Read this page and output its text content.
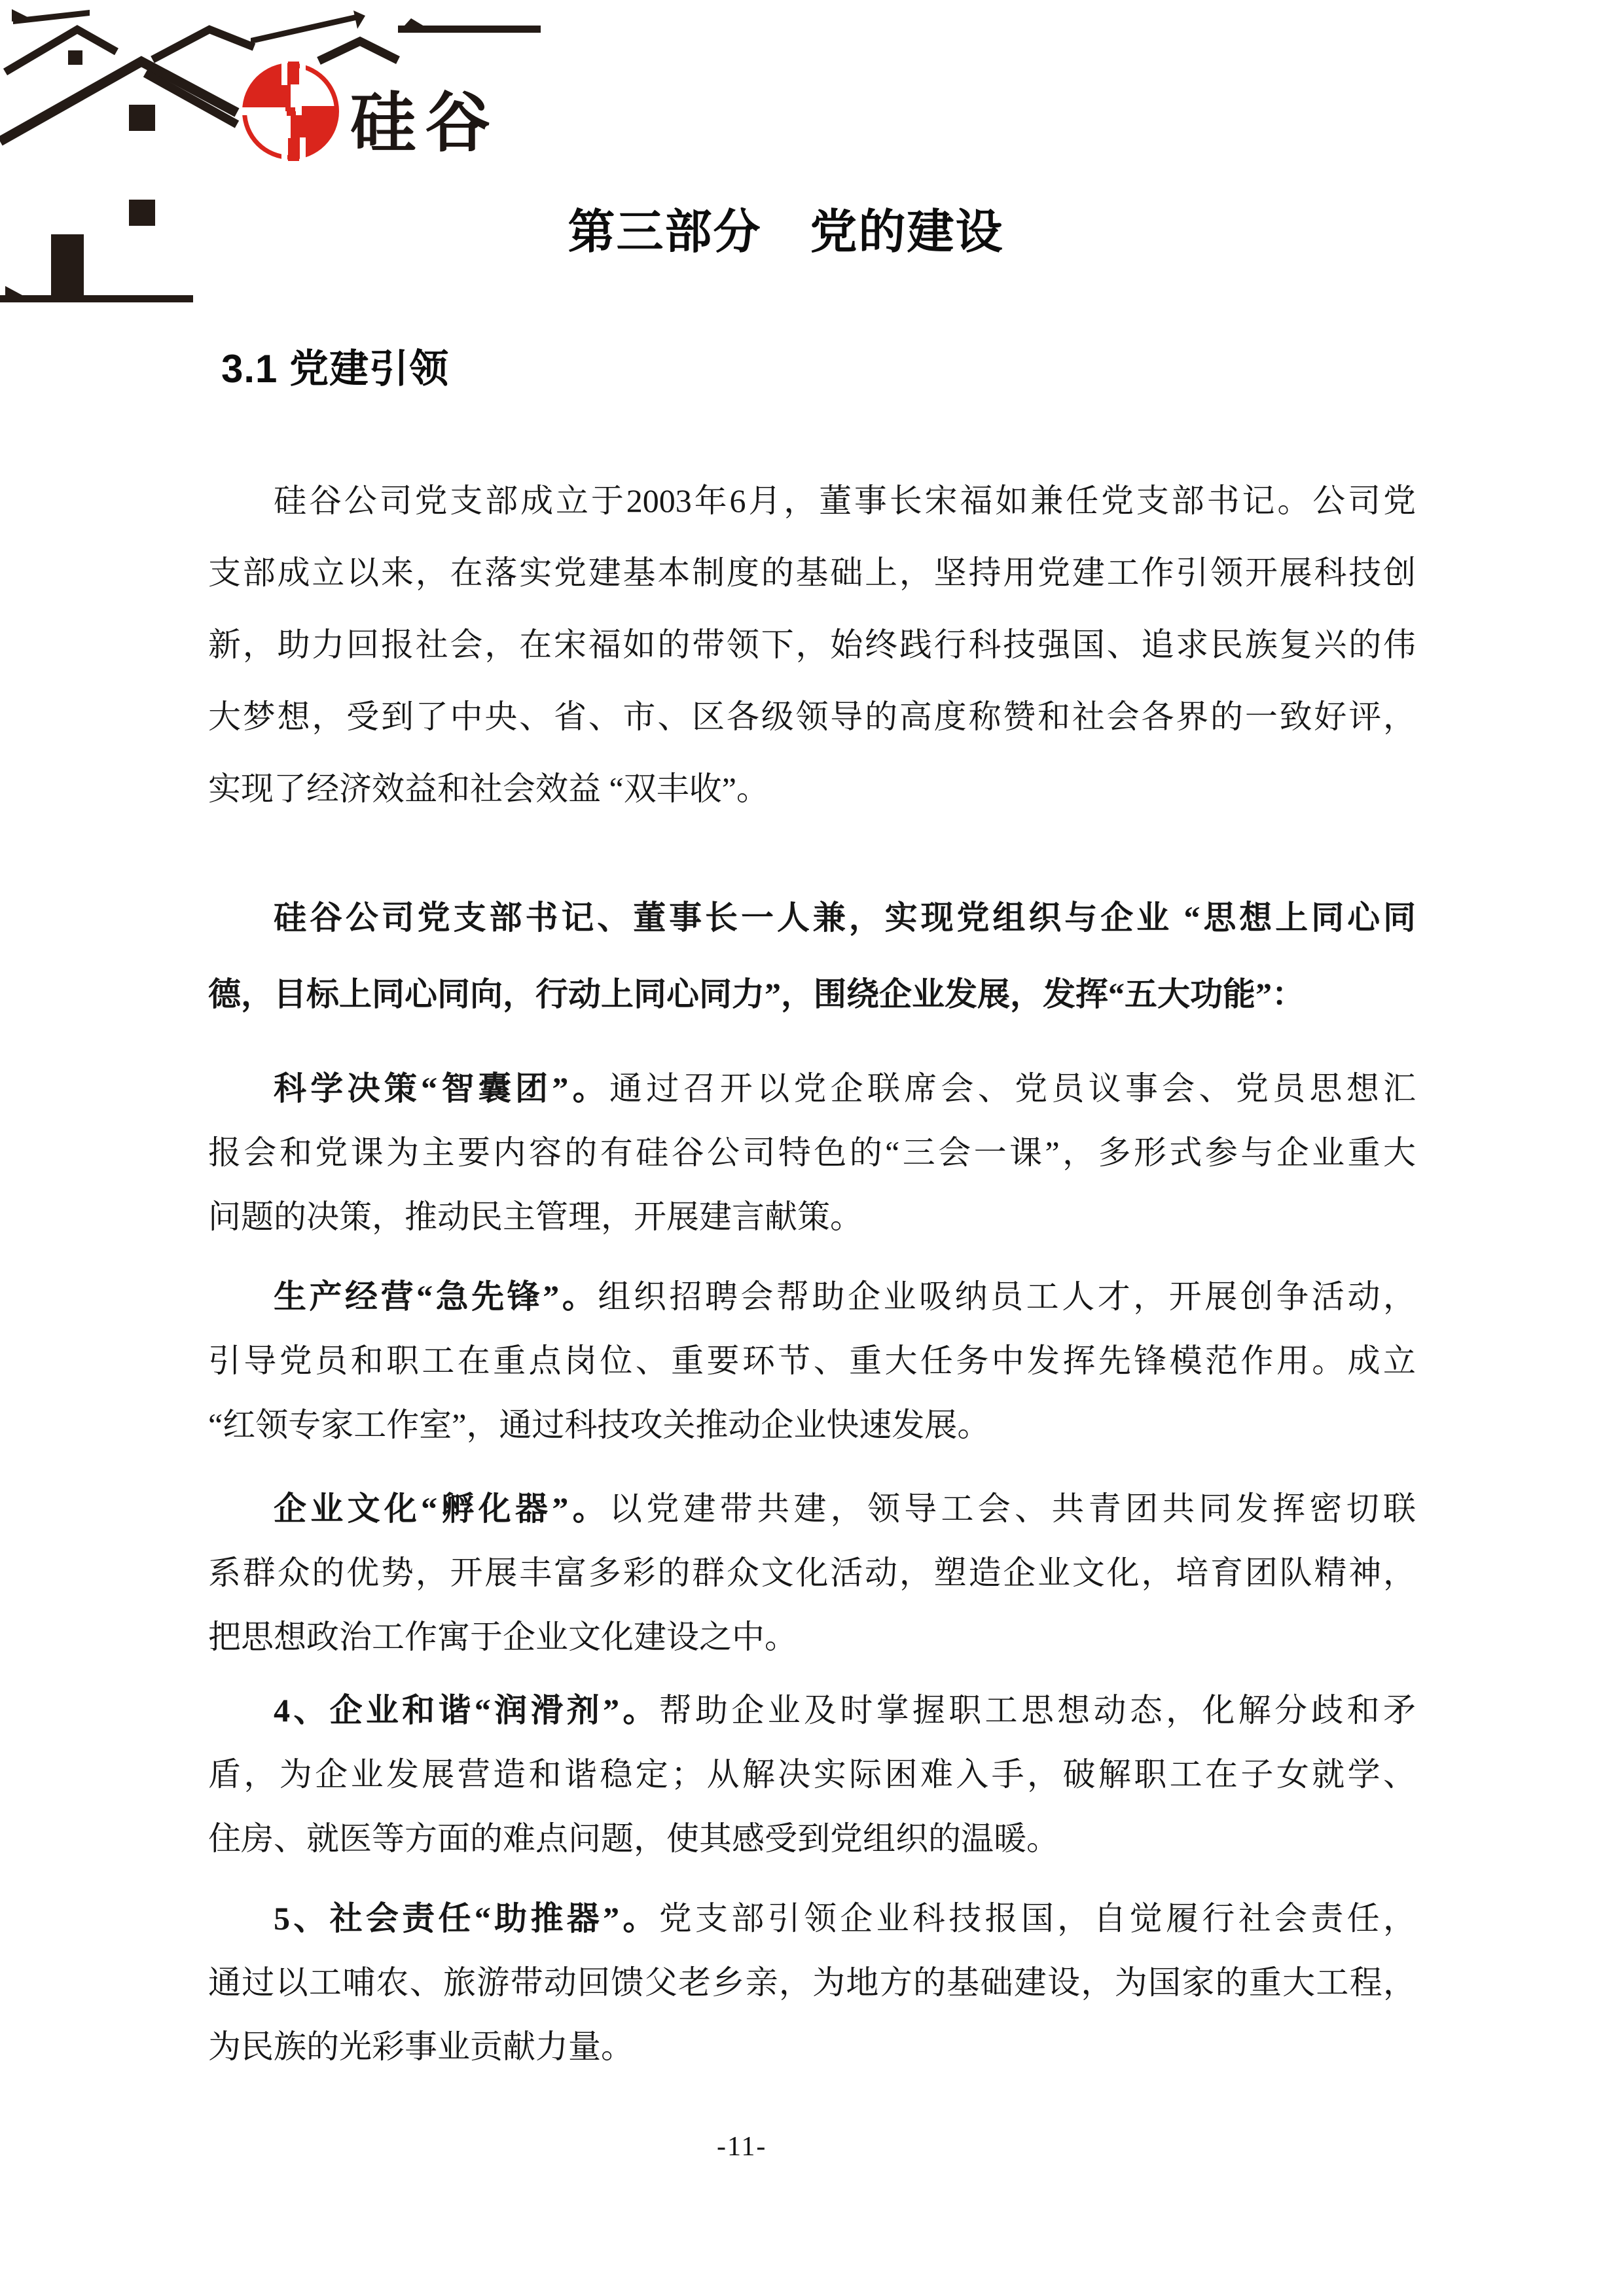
硅谷
第三部分　党的建设
3.1 党建引领
硅谷公司党支部成立于2003年6月，董事长宋福如兼任党支部书记。公司党
支部成立以来，在落实党建基本制度的基础上，坚持用党建工作引领开展科技创
新，助力回报社会，在宋福如的带领下，始终践行科技强国、追求民族复兴的伟
大梦想，受到了中央、省、市、区各级领导的高度称赞和社会各界的一致好评，
实现了经济效益和社会效益 “双丰收”。
硅谷公司党支部书记、董事长一人兼，实现党组织与企业 “思想上同心同
德，目标上同心同向，行动上同心同力”，围绕企业发展，发挥“五大功能”：
科学决策“智囊团”。通过召开以党企联席会、党员议事会、党员思想汇
报会和党课为主要内容的有硅谷公司特色的“三会一课”，多形式参与企业重大
问题的决策，推动民主管理，开展建言献策。
生产经营“急先锋”。组织招聘会帮助企业吸纳员工人才，开展创争活动，
引导党员和职工在重点岗位、重要环节、重大任务中发挥先锋模范作用。成立
“红领专家工作室”，通过科技攻关推动企业快速发展。
企业文化“孵化器”。以党建带共建，领导工会、共青团共同发挥密切联
系群众的优势，开展丰富多彩的群众文化活动，塑造企业文化，培育团队精神，
把思想政治工作寓于企业文化建设之中。
4、企业和谐“润滑剂”。帮助企业及时掌握职工思想动态，化解分歧和矛
盾，为企业发展营造和谐稳定；从解决实际困难入手，破解职工在子女就学、
住房、就医等方面的难点问题，使其感受到党组织的温暖。
5、社会责任“助推器”。党支部引领企业科技报国，自觉履行社会责任，
通过以工哺农、旅游带动回馈父老乡亲，为地方的基础建设，为国家的重大工程，
为民族的光彩事业贡献力量。
-11-
